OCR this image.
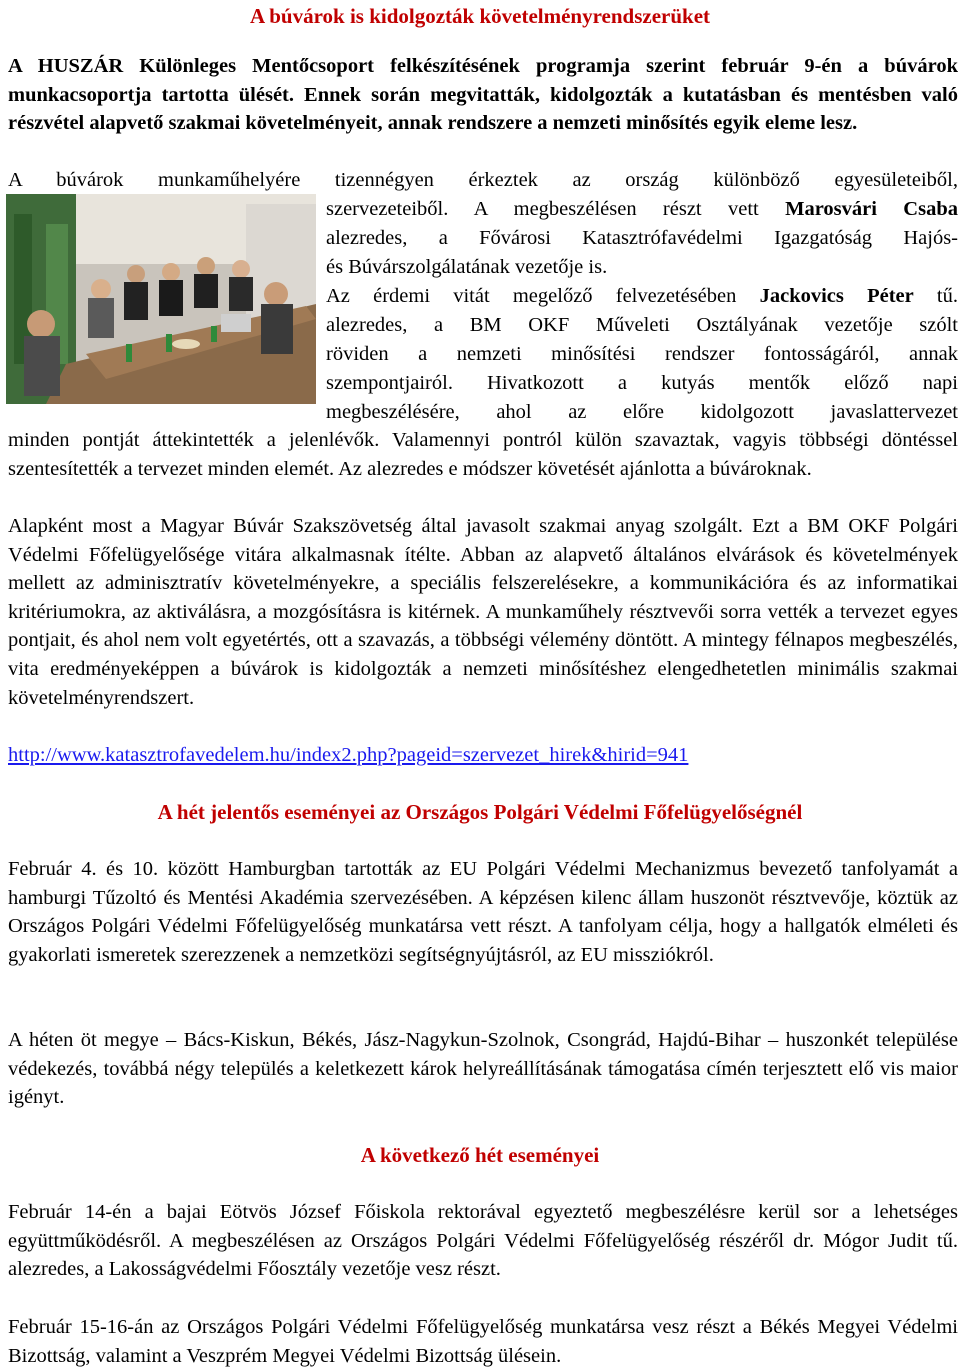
A búvárok is kidolgozták követelményrendszerüket
A HUSZÁR Különleges Mentőcsoport felkészítésének programja szerint február 9-én a búvárok munkacsoportja tartotta ülését. Ennek során megvitatták, kidolgozták a kutatásban és mentésben való részvétel alapvető szakmai követelményeit, annak rendszere a nemzeti minősítés egyik eleme lesz.
A búvárok munkaműhelyére tizennégyen érkeztek az ország különböző egyesületeiből,
szervezeteiből. A megbeszélésen részt vett Marosvári Csaba
alezredes, a Fővárosi Katasztrófavédelmi Igazgatóság Hajós-
és Búvárszolgálatának vezetője is.
Az érdemi vitát megelőző felvezetésében Jackovics Péter tű.
alezredes, a BM OKF Műveleti Osztályának vezetője szólt
röviden a nemzeti minősítési rendszer fontosságáról, annak
szempontjairól. Hivatkozott a kutyás mentők előző napi
megbeszélésére, ahol az előre kidolgozott javaslattervezet
minden pontját áttekintették a jelenlévők. Valamennyi pontról külön szavaztak, vagyis többségi döntéssel szentesítették a tervezet minden elemét. Az alezredes e módszer követését ajánlotta a búvároknak.
Alapként most a Magyar Búvár Szakszövetség által javasolt szakmai anyag szolgált. Ezt a BM OKF Polgári Védelmi Főfelügyelősége vitára alkalmasnak ítélte. Abban az alapvető általános elvárások és követelmények mellett az adminisztratív követelményekre, a speciális felszerelésekre, a kommunikációra és az informatikai kritériumokra, az aktiválásra, a mozgósításra is kitérnek. A munkaműhely résztvevői sorra vették a tervezet egyes pontjait, és ahol nem volt egyetértés, ott a szavazás, a többségi vélemény döntött. A mintegy félnapos megbeszélés, vita eredményeképpen a búvárok is kidolgozták a nemzeti minősítéshez elengedhetetlen minimális szakmai követelményrendszert.
http://www.katasztrofavedelem.hu/index2.php?pageid=szervezet_hirek&hirid=941
A hét jelentős eseményei az Országos Polgári Védelmi Főfelügyelőségnél
Február 4. és 10. között Hamburgban tartották az EU Polgári Védelmi Mechanizmus bevezető tanfolyamát a hamburgi Tűzoltó és Mentési Akadémia szervezésében. A képzésen kilenc állam huszonöt résztvevője, köztük az Országos Polgári Védelmi Főfelügyelőség munkatársa vett részt. A tanfolyam célja, hogy a hallgatók elméleti és gyakorlati ismeretek szerezzenek a nemzetközi segítségnyújtásról, az EU missziókról.
A héten öt megye – Bács-Kiskun, Békés, Jász-Nagykun-Szolnok, Csongrád, Hajdú-Bihar – huszonkét települése védekezés, továbbá négy település a keletkezett károk helyreállításának támogatása címén terjesztett elő vis maior igényt.
A következő hét eseményei
Február 14-én a bajai Eötvös József Főiskola rektorával egyeztető megbeszélésre kerül sor a lehetséges együttműködésről. A megbeszélésen az Országos Polgári Védelmi Főfelügyelőség részéről dr. Mógor Judit tű. alezredes, a Lakosságvédelmi Főosztály vezetője vesz részt.
Február 15-16-án az Országos Polgári Védelmi Főfelügyelőség munkatársa vesz részt a Békés Megyei Védelmi Bizottság, valamint a Veszprém Megyei Védelmi Bizottság ülésein.
